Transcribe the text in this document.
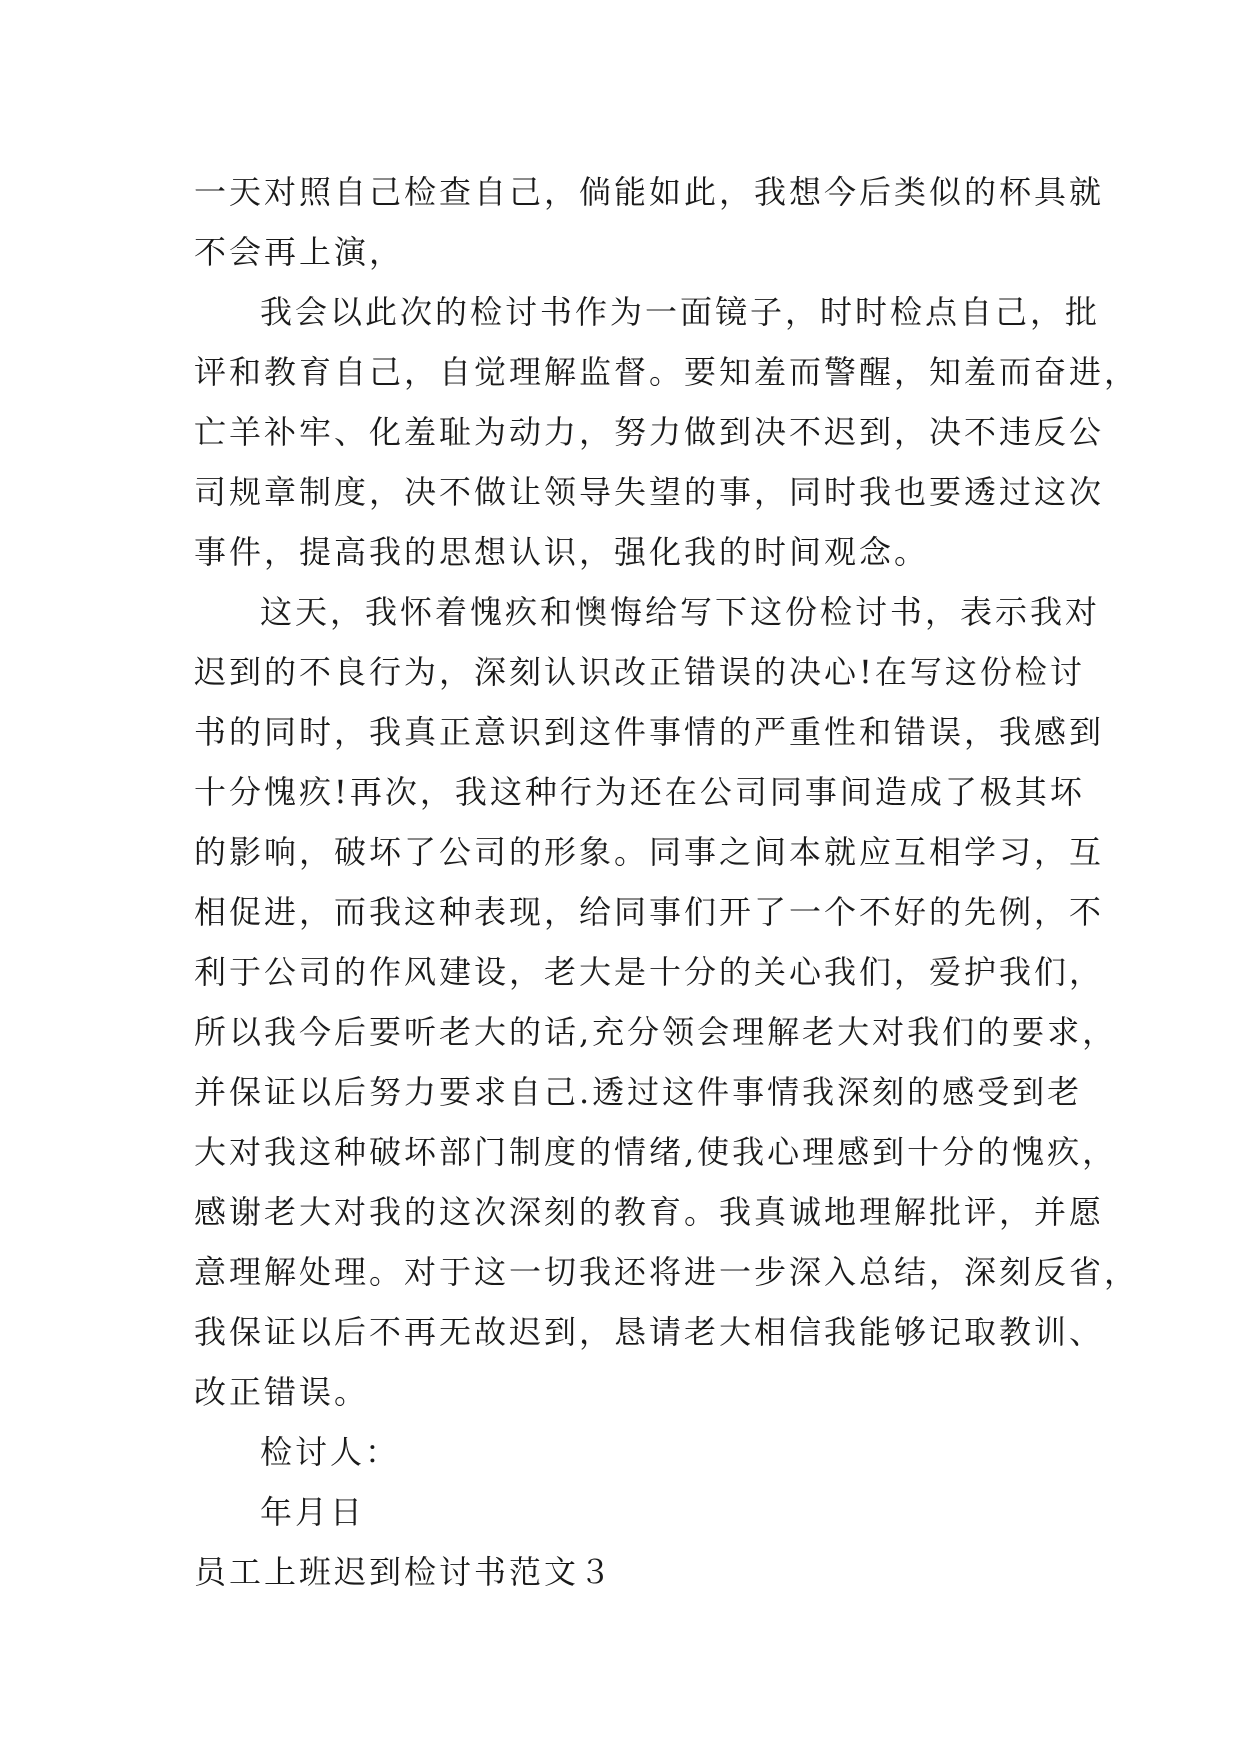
一天对照自己检查自己，倘能如此，我想今后类似的杯具就
不会再上演，

我会以此次的检讨书作为一面镜子，时时检点自己，批
评和教育自己，自觉理解监督。要知羞而警醒，知羞而奋进，
亡羊补牢、化羞耻为动力，努力做到决不迟到，决不违反公
司规章制度，决不做让领导失望的事，同时我也要透过这次
事件，提高我的思想认识，强化我的时间观念。

这天，我怀着愧疚和懊悔给写下这份检讨书，表示我对
迟到的不良行为，深刻认识改正错误的决心!在写这份检讨
书的同时，我真正意识到这件事情的严重性和错误，我感到
十分愧疚!再次，我这种行为还在公司同事间造成了极其坏
的影响，破坏了公司的形象。同事之间本就应互相学习，互
相促进，而我这种表现，给同事们开了一个不好的先例，不
利于公司的作风建设，老大是十分的关心我们，爱护我们，
所以我今后要听老大的话,充分领会理解老大对我们的要求，
并保证以后努力要求自己.透过这件事情我深刻的感受到老
大对我这种破坏部门制度的情绪,使我心理感到十分的愧疚，
感谢老大对我的这次深刻的教育。我真诚地理解批评，并愿
意理解处理。对于这一切我还将进一步深入总结，深刻反省，
我保证以后不再无故迟到，恳请老大相信我能够记取教训、
改正错误。

检讨人：

年月日

员工上班迟到检讨书范文３
